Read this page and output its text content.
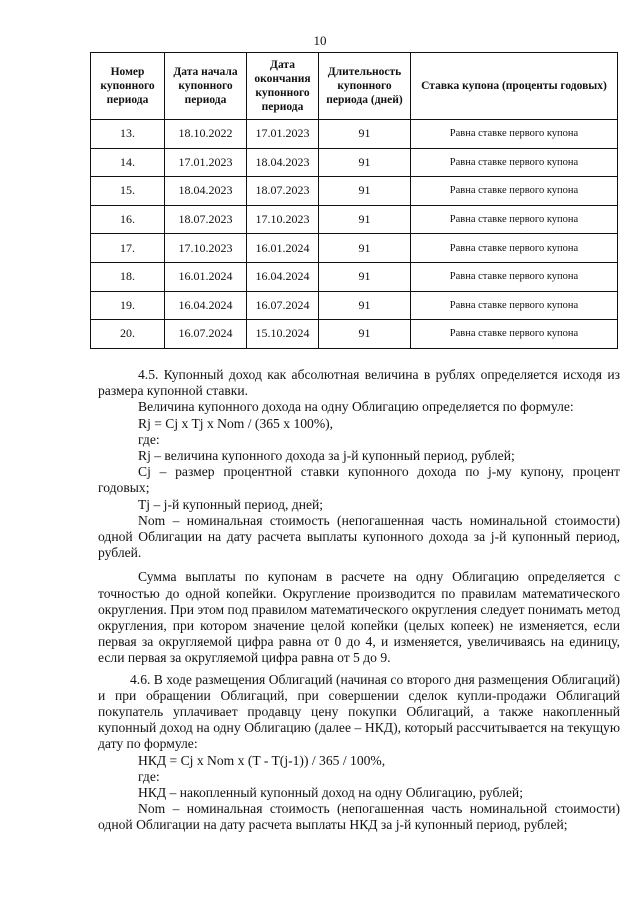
10
Номер купонного периода	Дата начала купонного периода	Дата окончания купонного периода	Длительность купонного периода (дней)	Ставка купона (проценты годовых)
13.	18.10.2022	17.01.2023	91	Равна ставке первого купона
14.	17.01.2023	18.04.2023	91	Равна ставке первого купона
15.	18.04.2023	18.07.2023	91	Равна ставке первого купона
16.	18.07.2023	17.10.2023	91	Равна ставке первого купона
17.	17.10.2023	16.01.2024	91	Равна ставке первого купона
18.	16.01.2024	16.04.2024	91	Равна ставке первого купона
19.	16.04.2024	16.07.2024	91	Равна ставке первого купона
20.	16.07.2024	15.10.2024	91	Равна ставке первого купона

4.5. Купонный доход как абсолютная величина в рублях определяется исходя из размера купонной ставки.

Величина купонного дохода на одну Облигацию определяется по формуле:

Rj = Cj x Tj x Nom / (365 x 100%),

где:

Rj – величина купонного дохода за j-й купонный период, рублей;

Cj – размер процентной ставки купонного дохода по j-му купону, процент годовых;

Tj – j-й купонный период, дней;

Nom – номинальная стоимость (непогашенная часть номинальной стоимости) одной Облигации на дату расчета выплаты купонного дохода за j-й купонный период, рублей.

Сумма выплаты по купонам в расчете на одну Облигацию определяется с точностью до одной копейки. Округление производится по правилам математического округления. При этом под правилом математического округления следует понимать метод округления, при котором значение целой копейки (целых копеек) не изменяется, если первая за округляемой цифра равна от 0 до 4, и изменяется, увеличиваясь на единицу, если первая за округляемой цифра равна от 5 до 9.

4.6. В ходе размещения Облигаций (начиная со второго дня размещения Облигаций) и при обращении Облигаций, при совершении сделок купли-продажи Облигаций покупатель уплачивает продавцу цену покупки Облигаций, а также накопленный купонный доход на одну Облигацию (далее – НКД), который рассчитывается на текущую дату по формуле:

НКД = Cj x Nom x (T - T(j-1)) / 365 / 100%,

где:

НКД – накопленный купонный доход на одну Облигацию, рублей;

Nom – номинальная стоимость (непогашенная часть номинальной стоимости) одной Облигации на дату расчета выплаты НКД за j-й купонный период, рублей;
